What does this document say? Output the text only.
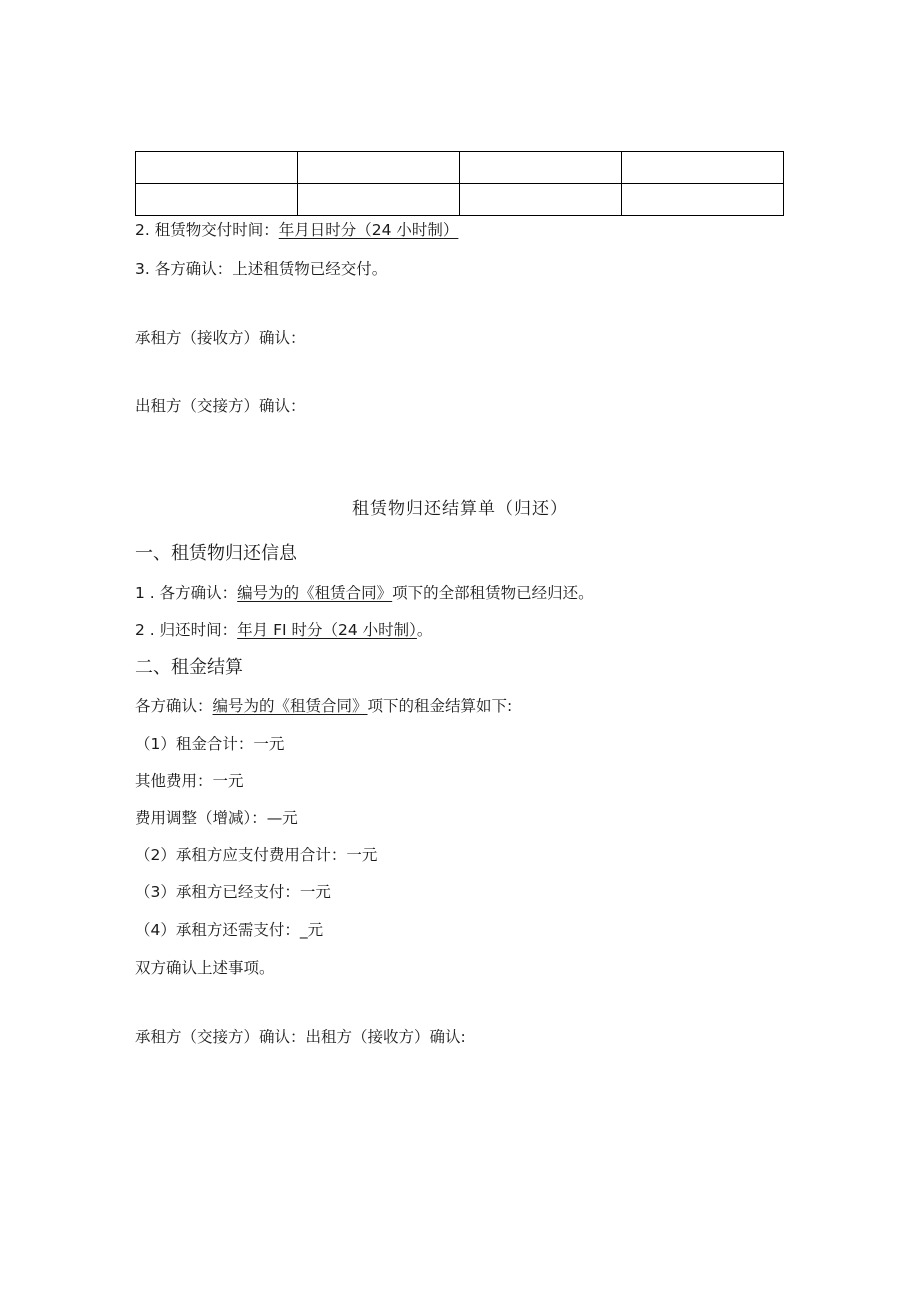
2. 租赁物交付时间：年月日时分（24 小时制）
3. 各方确认：上述租赁物已经交付。
承租方（接收方）确认：
出租方（交接方）确认：
租赁物归还结算单（归还）
一、租赁物归还信息
1 . 各方确认：编号为的《租赁合同》项下的全部租赁物已经归还。
2 . 归还时间：年月 FI 时分（24 小时制）。
二、租金结算
各方确认：编号为的《租赁合同》项下的租金结算如下:
（1）租金合计：一元
其他费用：一元
费用调整（增减）：—元
（2）承租方应支付费用合计：一元
（3）承租方已经支付：一元
（4）承租方还需支付：_元
双方确认上述事项。
承租方（交接方）确认：出租方（接收方）确认:
